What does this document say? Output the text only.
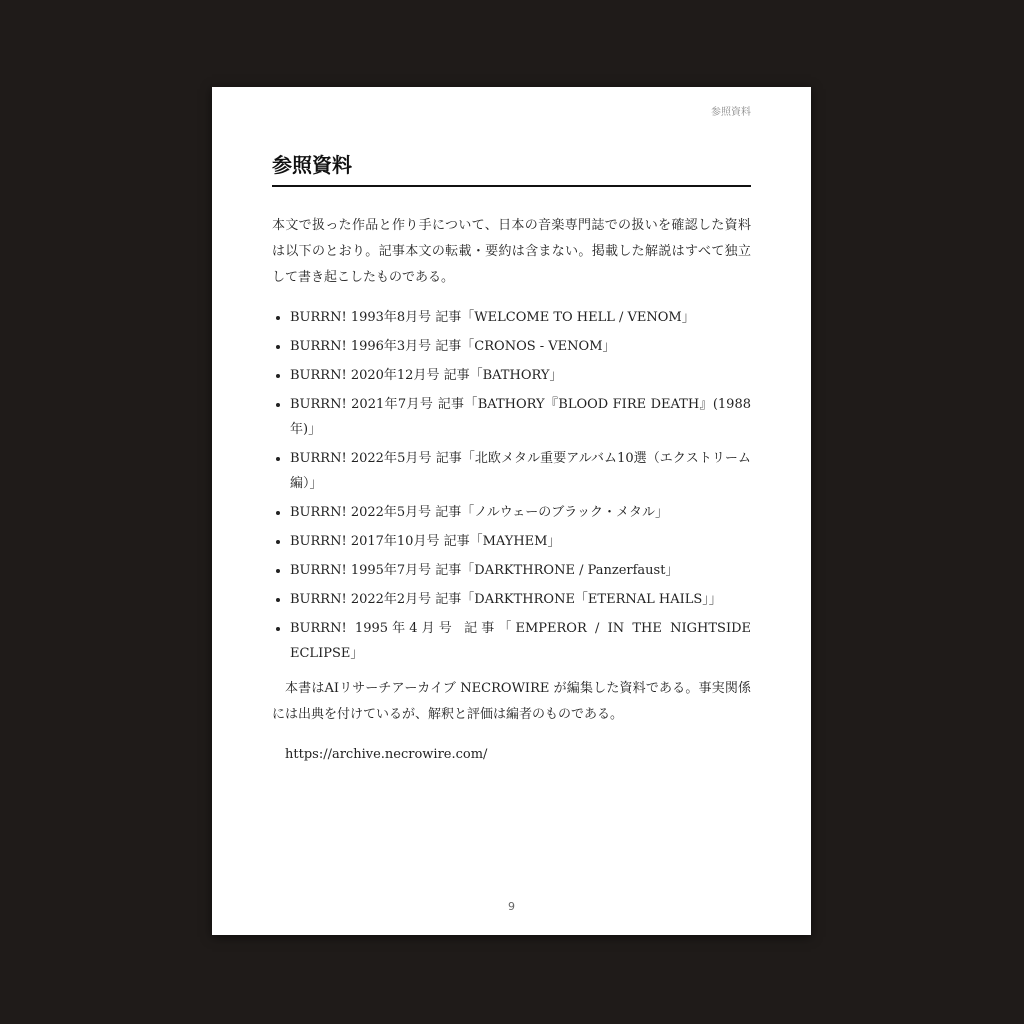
参照資料
参照資料

本文で扱った作品と作り手について、日本の音楽専門誌での扱いを確認した資料は以下のとおり。記事本文の転載・要約は含まない。掲載した解説はすべて独立して書き起こしたものである。

BURRN! 1993年8月号 記事「WELCOME TO HELL / VENOM」
BURRN! 1996年3月号 記事「CRONOS - VENOM」
BURRN! 2020年12月号 記事「BATHORY」
BURRN! 2021年7月号 記事「BATHORY『BLOOD FIRE DEATH』(1988年)」
BURRN! 2022年5月号 記事「北欧メタル重要アルバム10選（エクストリーム編）」
BURRN! 2022年5月号 記事「ノルウェーのブラック・メタル」
BURRN! 2017年10月号 記事「MAYHEM」
BURRN! 1995年7月号 記事「DARKTHRONE / Panzerfaust」
BURRN! 2022年2月号 記事「DARKTHRONE「ETERNAL HAILS」」
BURRN! 1995年4月号 記事「EMPEROR / IN THE NIGHTSIDE ECLIPSE」

本書はAIリサーチアーカイブ NECROWIRE が編集した資料である。事実関係には出典を付けているが、解釈と評価は編者のものである。

https://archive.necrowire.com/
9
